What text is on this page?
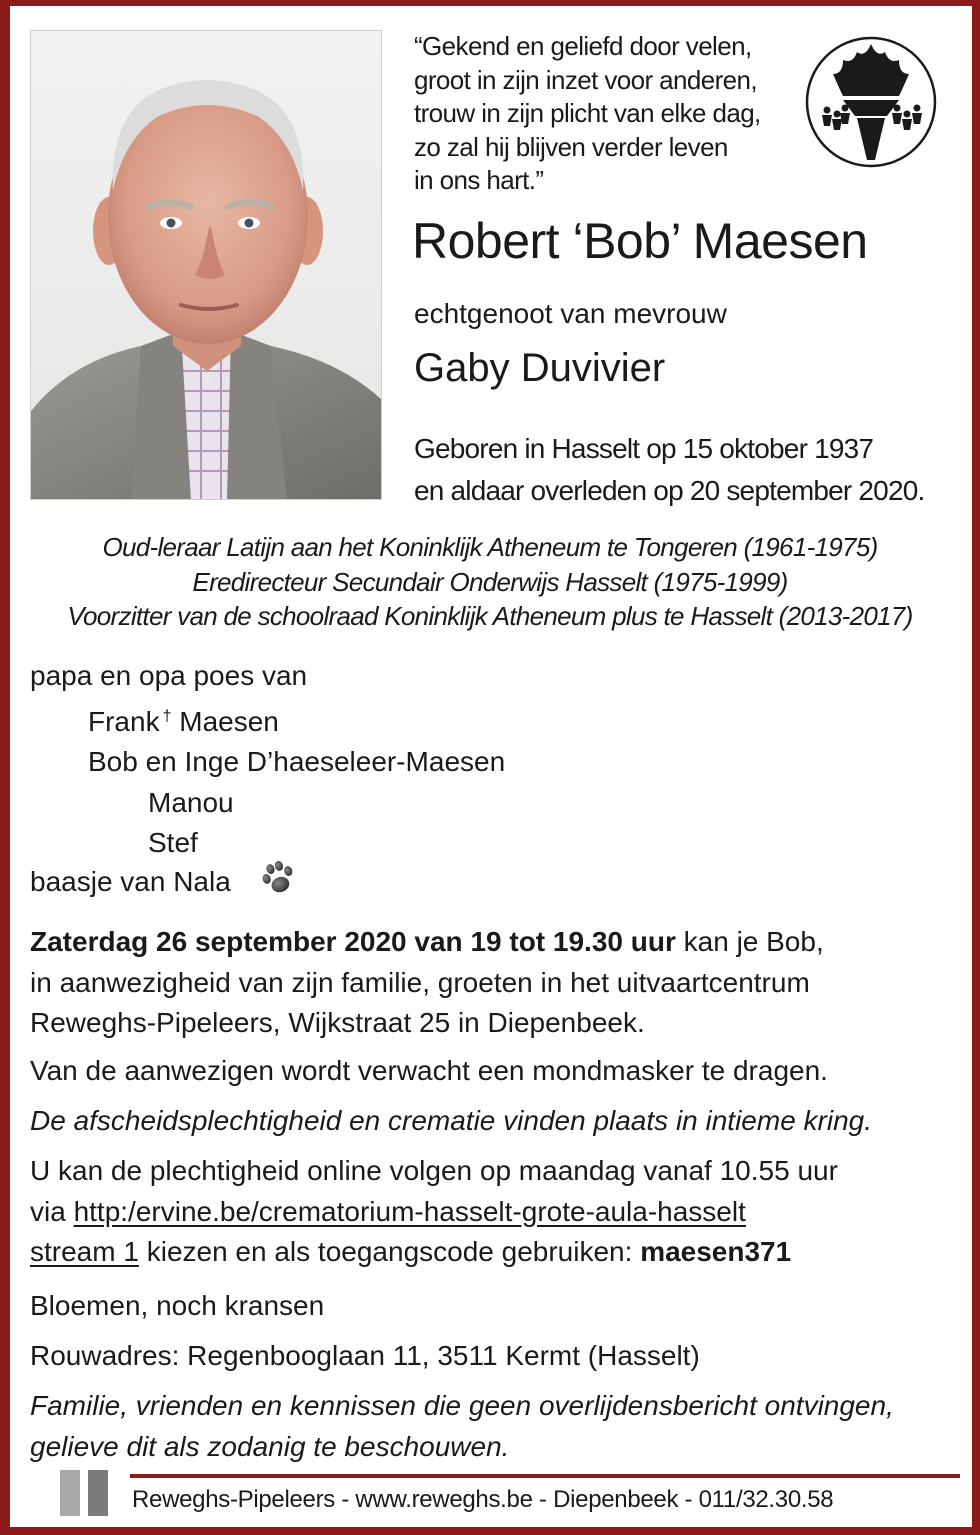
“Gekend en geliefd door velen,
groot in zijn inzet voor anderen,
trouw in zijn plicht van elke dag,
zo zal hij blijven verder leven
in ons hart.”
Robert ‘Bob’ Maesen
echtgenoot van mevrouw
Gaby Duvivier
Geboren in Hasselt op 15 oktober 1937
en aldaar overleden op 20 september 2020.
Oud-leraar Latijn aan het Koninklijk Atheneum te Tongeren (1961-1975)
Eredirecteur Secundair Onderwijs Hasselt (1975-1999)
Voorzitter van de schoolraad Koninklijk Atheneum plus te Hasselt (2013-2017)
papa en opa poes van
Frank † Maesen
Bob en Inge D’haeseleer-Maesen
Manou
Stef
baasje van Nala
Zaterdag 26 september 2020 van 19 tot 19.30 uur kan je Bob,
in aanwezigheid van zijn familie, groeten in het uitvaartcentrum
Reweghs-Pipeleers, Wijkstraat 25 in Diepenbeek.
Van de aanwezigen wordt verwacht een mondmasker te dragen.
De afscheidsplechtigheid en crematie vinden plaats in intieme kring.
U kan de plechtigheid online volgen op maandag vanaf 10.55 uur
via http:/ervine.be/crematorium-hasselt-grote-aula-hasselt
stream 1 kiezen en als toegangscode gebruiken: maesen371
Bloemen, noch kransen
Rouwadres: Regenbooglaan 11, 3511 Kermt (Hasselt)
Familie, vrienden en kennissen die geen overlijdensbericht ontvingen,
gelieve dit als zodanig te beschouwen.
Reweghs-Pipeleers - www.reweghs.be - Diepenbeek - 011/32.30.58
